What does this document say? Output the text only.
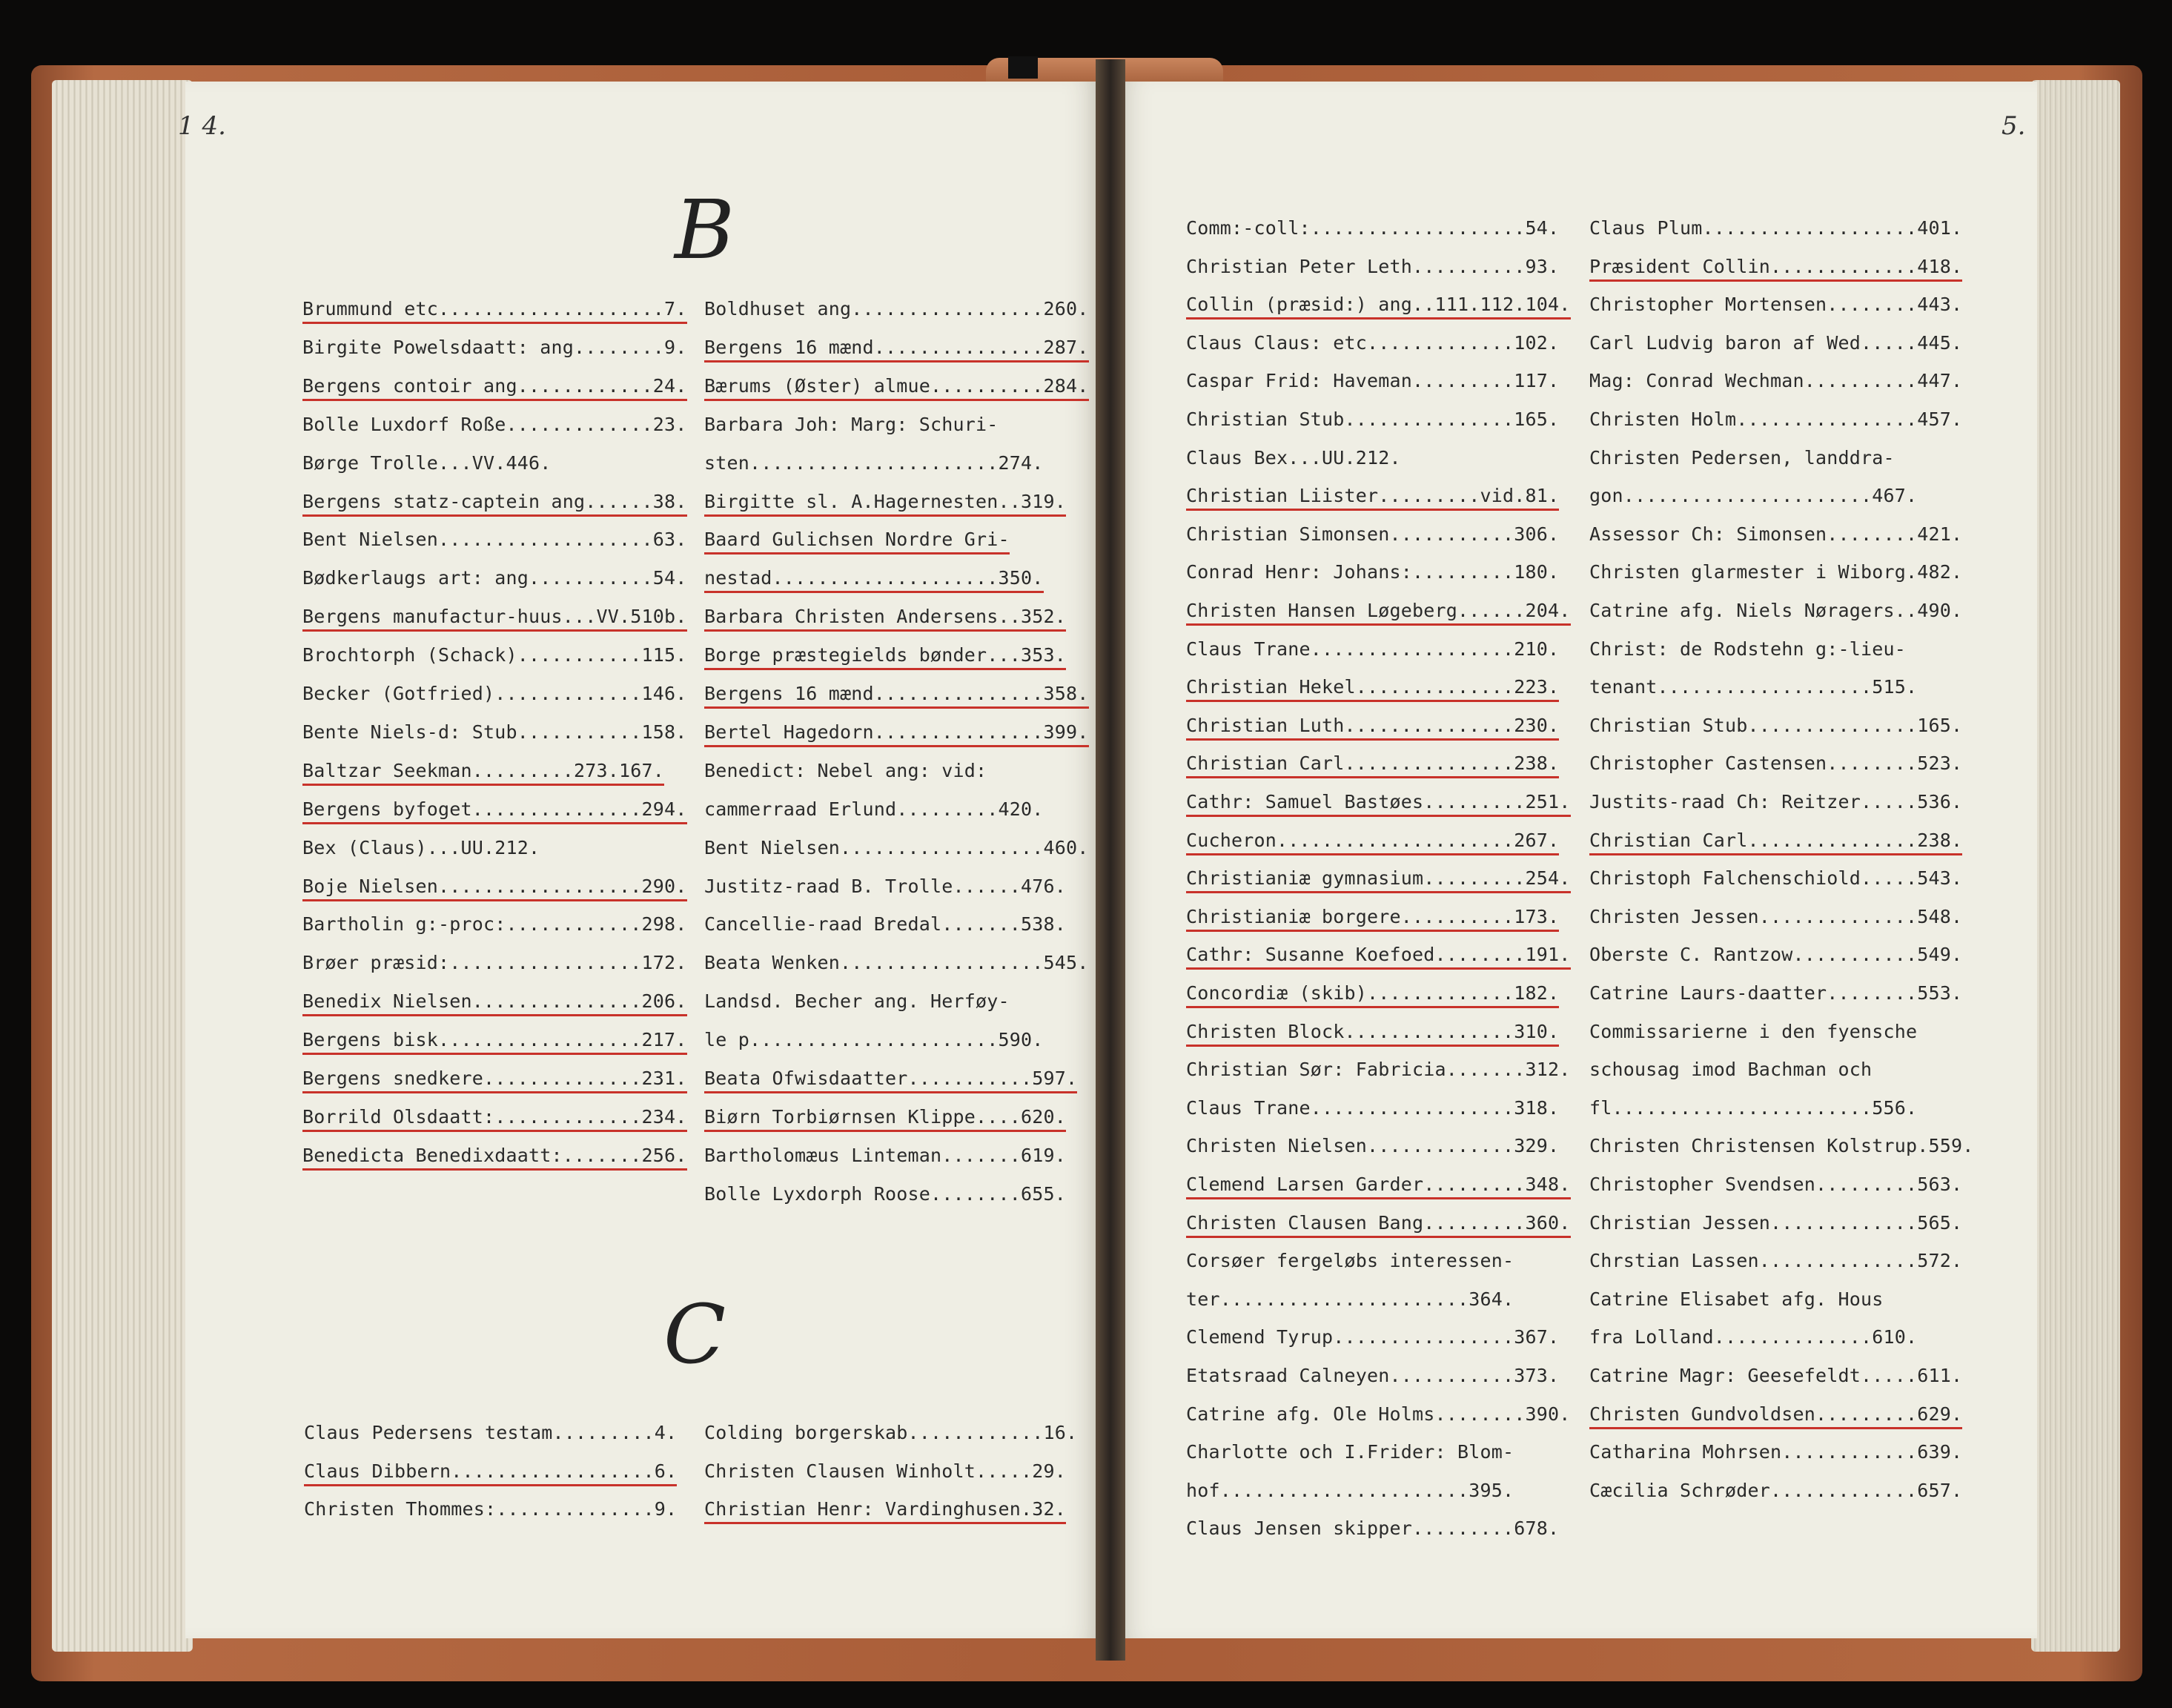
1 4.	5.
B
C
Brummund etc....................7.
Birgite Powelsdaatt: ang........9.
Bergens contoir ang............24.
Bolle Luxdorf Roße.............23.
Børge Trolle...VV.446.
Bergens statz-captein ang......38.
Bent Nielsen...................63.
Bødkerlaugs art: ang...........54.
Bergens manufactur-huus...VV.510b.
Brochtorph (Schack)...........115.
Becker (Gotfried).............146.
Bente Niels-d: Stub...........158.
Baltzar Seekman.........273.167.
Bergens byfoget...............294.
Bex (Claus)...UU.212.
Boje Nielsen..................290.
Bartholin g:-proc:............298.
Brøer præsid:.................172.
Benedix Nielsen...............206.
Bergens bisk..................217.
Bergens snedkere..............231.
Borrild Olsdaatt:.............234.
Benedicta Benedixdaatt:.......256.
Boldhuset ang.................260.
Bergens 16 mænd...............287.
Bærums (Øster) almue..........284.
Barbara Joh: Marg: Schuri-
sten......................274.
Birgitte sl. A.Hagernesten..319.
Baard Gulichsen Nordre Gri-
nestad....................350.
Barbara Christen Andersens..352.
Borge præstegields bønder...353.
Bergens 16 mænd...............358.
Bertel Hagedorn...............399.
Benedict: Nebel ang: vid:
cammerraad Erlund.........420.
Bent Nielsen..................460.
Justitz-raad B. Trolle......476.
Cancellie-raad Bredal.......538.
Beata Wenken..................545.
Landsd. Becher ang. Herføy-
le p......................590.
Beata Ofwisdaatter...........597.
Biørn Torbiørnsen Klippe....620.
Bartholomæus Linteman.......619.
Bolle Lyxdorph Roose........655.
Claus Pedersens testam.........4.
Claus Dibbern..................6.
Christen Thommes:..............9.
Colding borgerskab............16.
Christen Clausen Winholt.....29.
Christian Henr: Vardinghusen.32.
Comm:-coll:...................54.
Christian Peter Leth..........93.
Collin (præsid:) ang..111.112.104.
Claus Claus: etc.............102.
Caspar Frid: Haveman.........117.
Christian Stub...............165.
Claus Bex...UU.212.
Christian Liister.........vid.81.
Christian Simonsen...........306.
Conrad Henr: Johans:.........180.
Christen Hansen Løgeberg......204.
Claus Trane..................210.
Christian Hekel..............223.
Christian Luth...............230.
Christian Carl...............238.
Cathr: Samuel Bastøes.........251.
Cucheron.....................267.
Christianiæ gymnasium.........254.
Christianiæ borgere..........173.
Cathr: Susanne Koefoed........191.
Concordiæ (skib).............182.
Christen Block...............310.
Christian Sør: Fabricia.......312.
Claus Trane..................318.
Christen Nielsen.............329.
Clemend Larsen Garder.........348.
Christen Clausen Bang.........360.
Corsøer fergeløbs interessen-
ter......................364.
Clemend Tyrup................367.
Etatsraad Calneyen...........373.
Catrine afg. Ole Holms........390.
Charlotte och I.Frider: Blom-
hof......................395.
Claus Jensen skipper.........678.
Claus Plum...................401.
Præsident Collin.............418.
Christopher Mortensen........443.
Carl Ludvig baron af Wed.....445.
Mag: Conrad Wechman..........447.
Christen Holm................457.
Christen Pedersen, landdra-
gon......................467.
Assessor Ch: Simonsen........421.
Christen glarmester i Wiborg.482.
Catrine afg. Niels Nøragers..490.
Christ: de Rodstehn g:-lieu-
tenant...................515.
Christian Stub...............165.
Christopher Castensen........523.
Justits-raad Ch: Reitzer.....536.
Christian Carl...............238.
Christoph Falchenschiold.....543.
Christen Jessen..............548.
Oberste C. Rantzow...........549.
Catrine Laurs-daatter........553.
Commissarierne i den fyensche
schousag imod Bachman och
fl.......................556.
Christen Christensen Kolstrup.559.
Christopher Svendsen.........563.
Christian Jessen.............565.
Chrstian Lassen..............572.
Catrine Elisabet afg. Hous
fra Lolland..............610.
Catrine Magr: Geesefeldt.....611.
Christen Gundvoldsen.........629.
Catharina Mohrsen............639.
Cæcilia Schrøder.............657.
